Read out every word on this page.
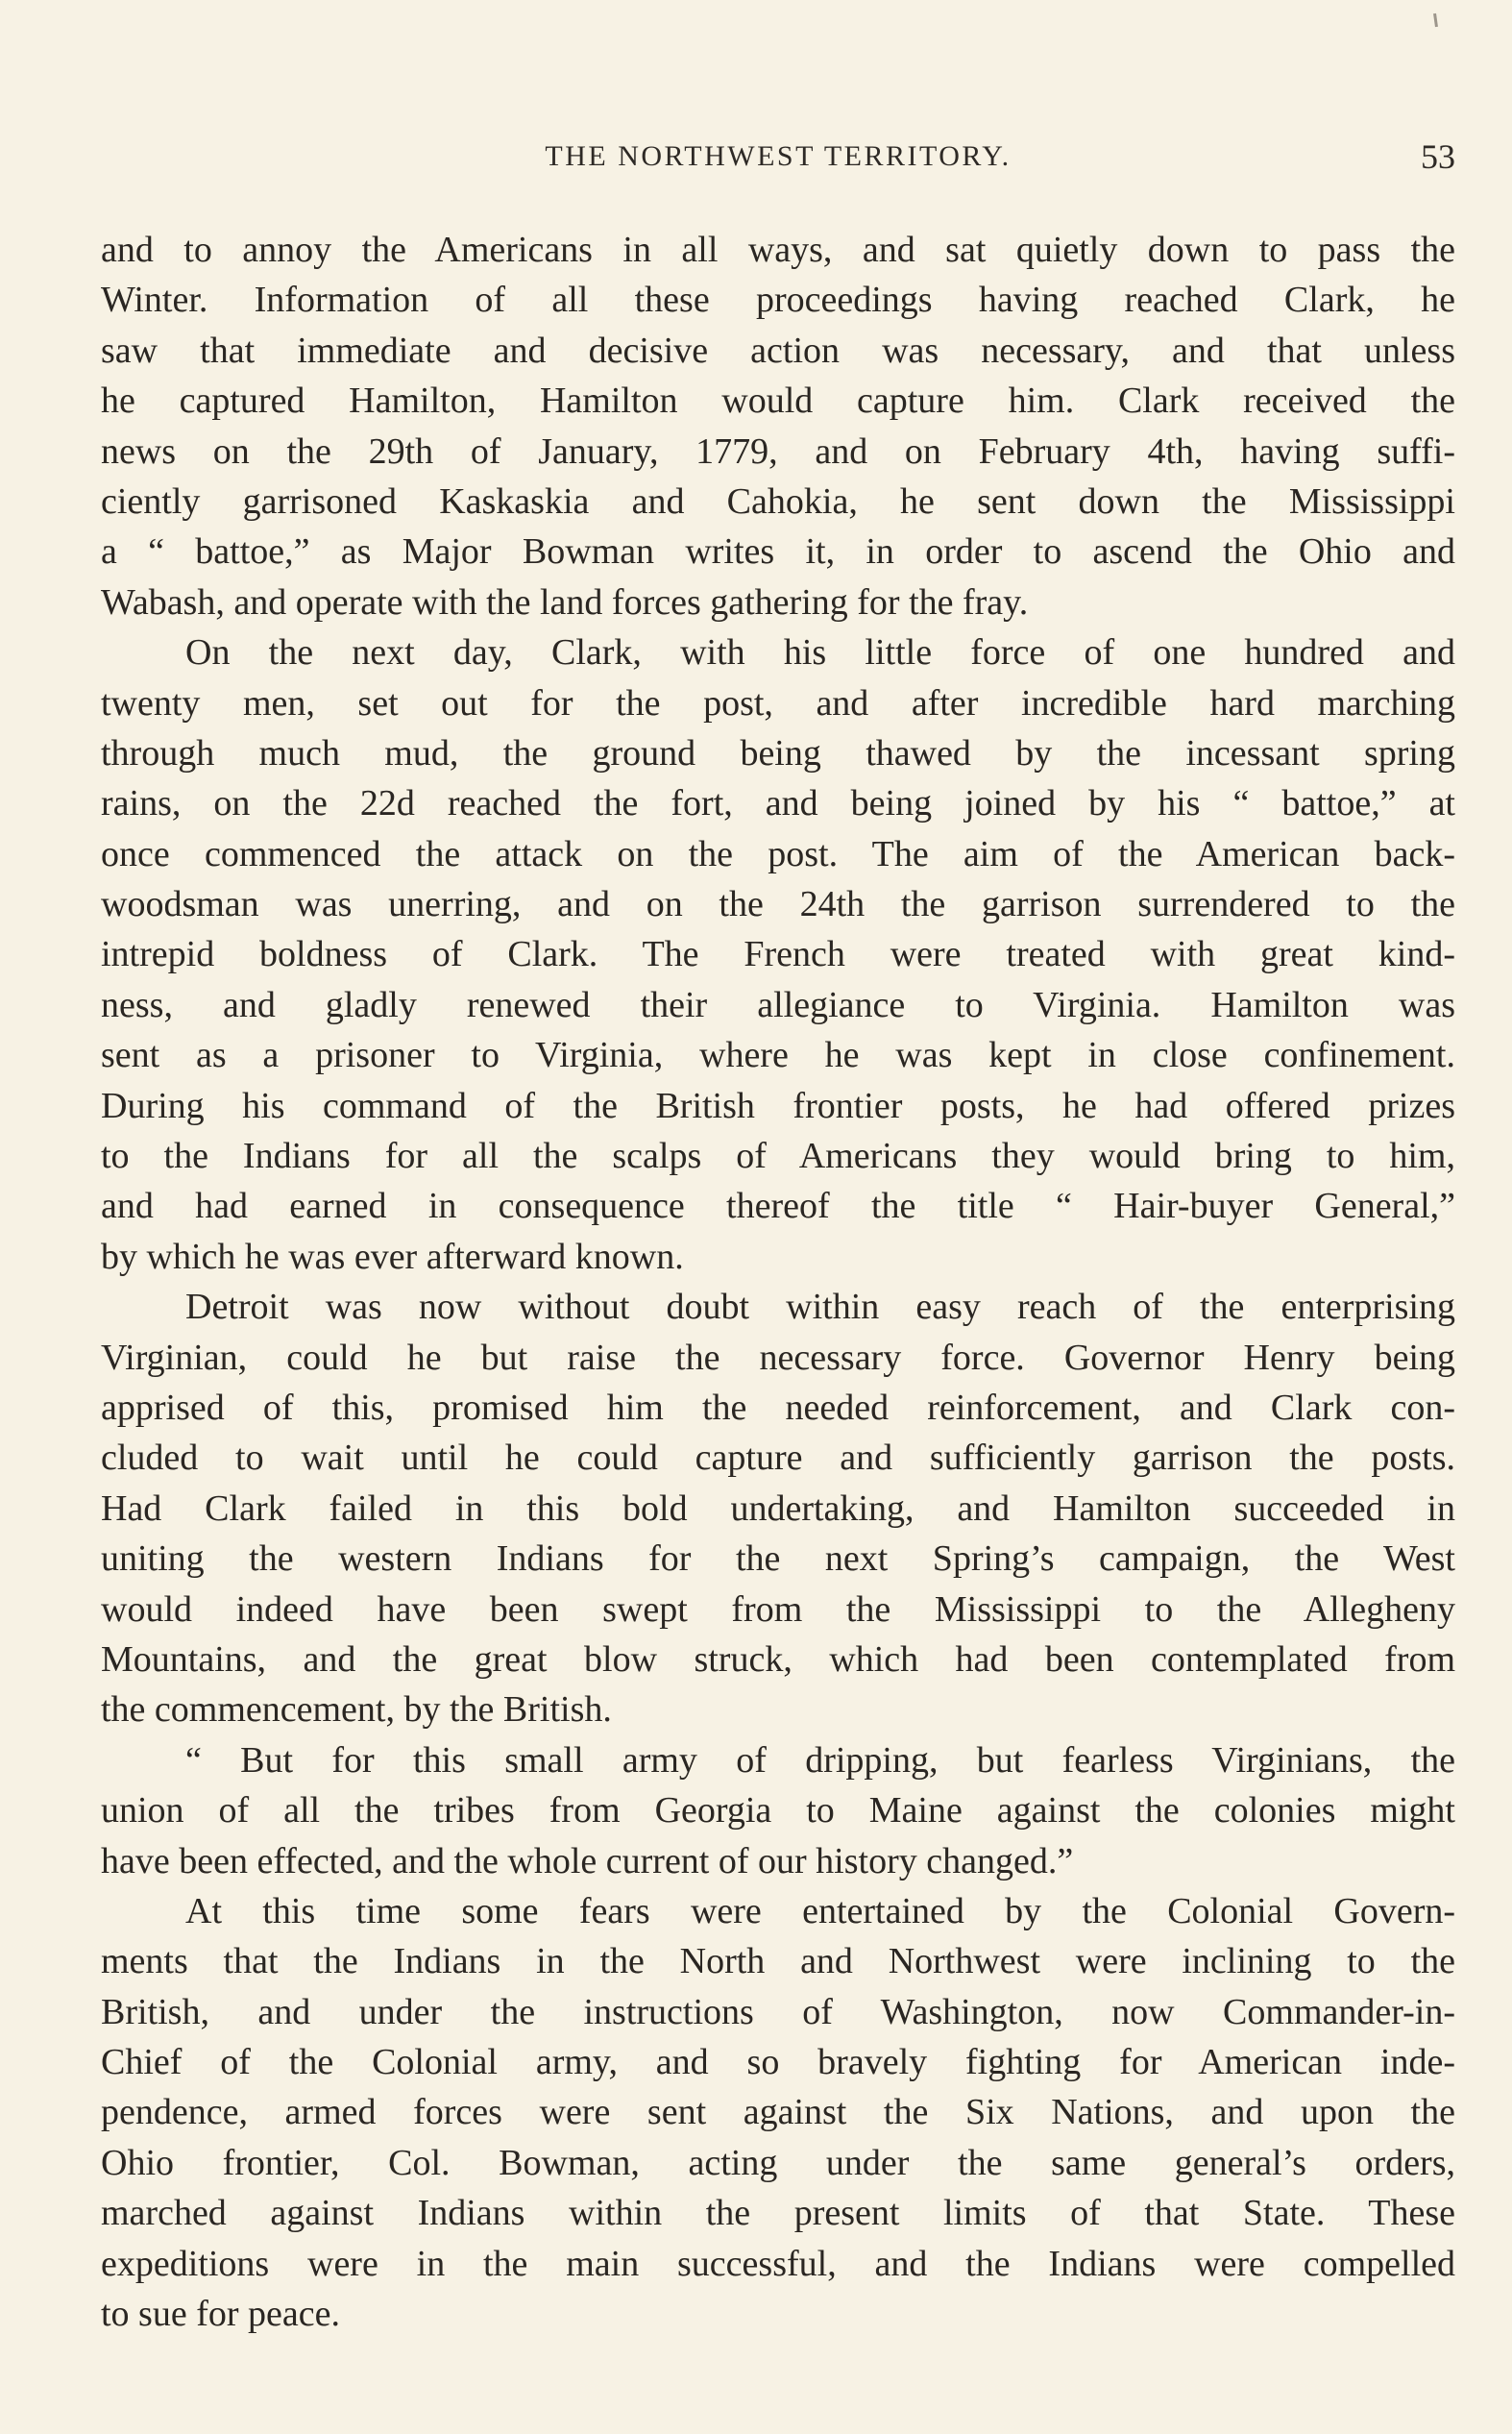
THE NORTHWEST TERRITORY.	53
and to annoy the Americans in all ways, and sat quietly down to pass the
Winter. Information of all these proceedings having reached Clark, he
saw that immediate and decisive action was necessary, and that unless
he captured Hamilton, Hamilton would capture him. Clark received the
news on the 29th of January, 1779, and on February 4th, having suffi-
ciently garrisoned Kaskaskia and Cahokia, he sent down the Mississippi
a “ battoe,” as Major Bowman writes it, in order to ascend the Ohio and
Wabash, and operate with the land forces gathering for the fray.
On the next day, Clark, with his little force of one hundred and
twenty men, set out for the post, and after incredible hard marching
through much mud, the ground being thawed by the incessant spring
rains, on the 22d reached the fort, and being joined by his “ battoe,” at
once commenced the attack on the post. The aim of the American back-
woodsman was unerring, and on the 24th the garrison surrendered to the
intrepid boldness of Clark. The French were treated with great kind-
ness, and gladly renewed their allegiance to Virginia. Hamilton was
sent as a prisoner to Virginia, where he was kept in close confinement.
During his command of the British frontier posts, he had offered prizes
to the Indians for all the scalps of Americans they would bring to him,
and had earned in consequence thereof the title “ Hair-buyer General,”
by which he was ever afterward known.
Detroit was now without doubt within easy reach of the enterprising
Virginian, could he but raise the necessary force. Governor Henry being
apprised of this, promised him the needed reinforcement, and Clark con-
cluded to wait until he could capture and sufficiently garrison the posts.
Had Clark failed in this bold undertaking, and Hamilton succeeded in
uniting the western Indians for the next Spring’s campaign, the West
would indeed have been swept from the Mississippi to the Allegheny
Mountains, and the great blow struck, which had been contemplated from
the commencement, by the British.
“ But for this small army of dripping, but fearless Virginians, the
union of all the tribes from Georgia to Maine against the colonies might
have been effected, and the whole current of our history changed.”
At this time some fears were entertained by the Colonial Govern-
ments that the Indians in the North and Northwest were inclining to the
British, and under the instructions of Washington, now Commander-in-
Chief of the Colonial army, and so bravely fighting for American inde-
pendence, armed forces were sent against the Six Nations, and upon the
Ohio frontier, Col. Bowman, acting under the same general’s orders,
marched against Indians within the present limits of that State. These
expeditions were in the main successful, and the Indians were compelled
to sue for peace.
